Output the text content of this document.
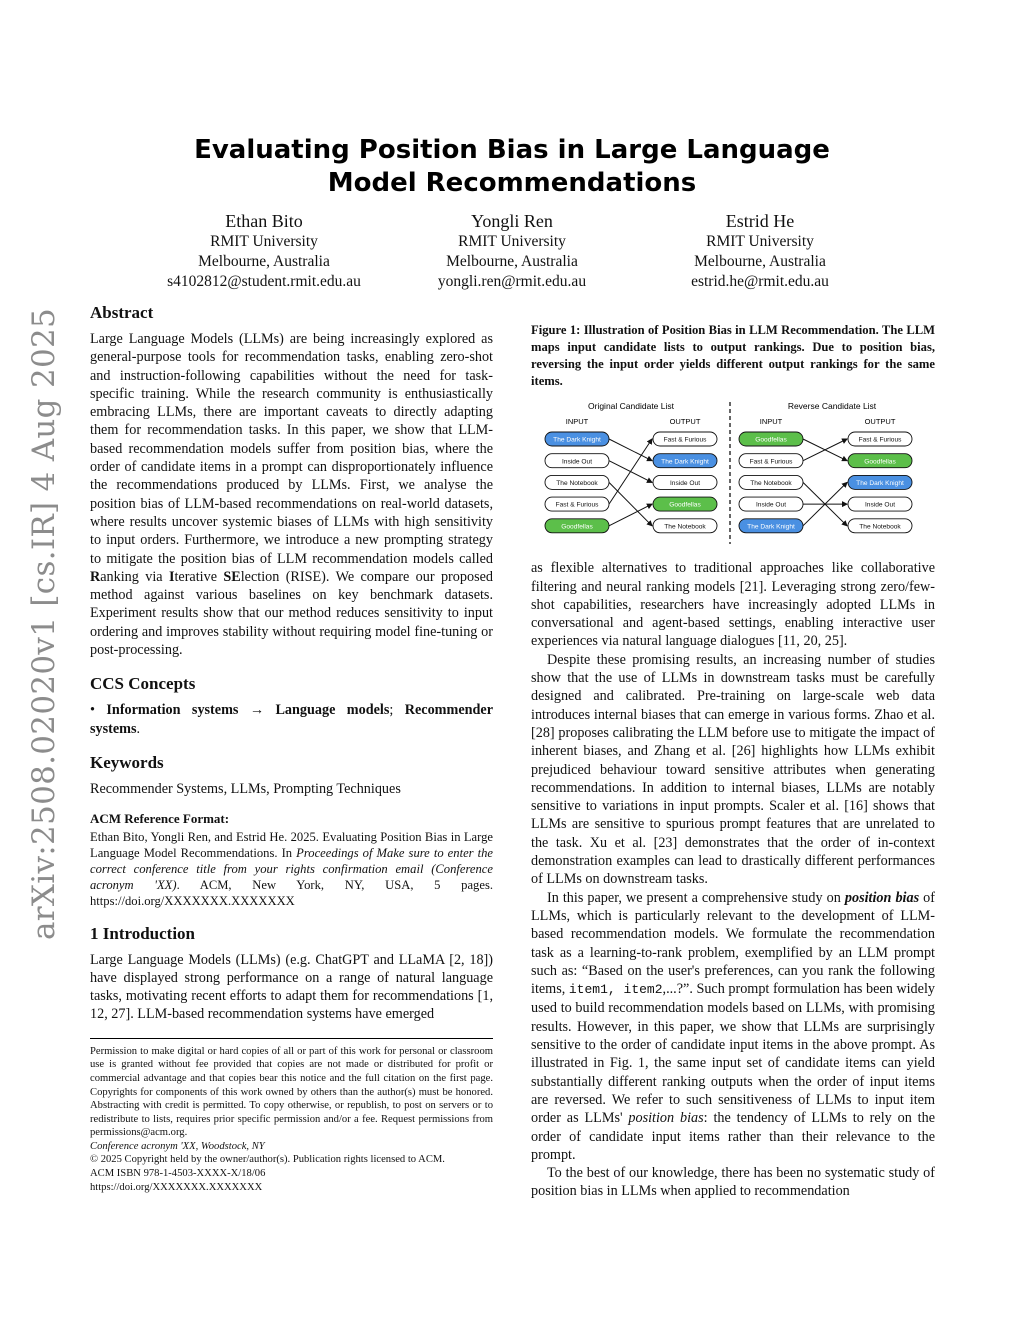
arXiv:2508.02020v1 [cs.IR] 4 Aug 2025
Evaluating Position Bias in Large Language Model Recommendations
Ethan Bito
RMIT University
Melbourne, Australia
s4102812@student.rmit.edu.au
Yongli Ren
RMIT University
Melbourne, Australia
yongli.ren@rmit.edu.au
Estrid He
RMIT University
Melbourne, Australia
estrid.he@rmit.edu.au
Abstract

Large Language Models (LLMs) are being increasingly explored as general-purpose tools for recommendation tasks, enabling zero-shot and instruction-following capabilities without the need for task-specific training. While the research community is enthusiastically embracing LLMs, there are important caveats to directly adapting them for recommendation tasks. In this paper, we show that LLM-based recommendation models suffer from position bias, where the order of candidate items in a prompt can disproportionately influence the recommendations produced by LLMs. First, we analyse the position bias of LLM-based recommendations on real-world datasets, where results uncover systemic biases of LLMs with high sensitivity to input orders. Furthermore, we introduce a new prompting strategy to mitigate the position bias of LLM recommendation models called Ranking via Iterative SElection (RISE). We compare our proposed method against various baselines on key benchmark datasets. Experiment results show that our method reduces sensitivity to input ordering and improves stability without requiring model fine-tuning or post-processing.

CCS Concepts

• Information systems → Language models; Recommender systems.

Keywords

Recommender Systems, LLMs, Prompting Techniques

ACM Reference Format:

Ethan Bito, Yongli Ren, and Estrid He. 2025. Evaluating Position Bias in Large Language Model Recommendations. In Proceedings of Make sure to enter the correct conference title from your rights confirmation email (Conference acronym 'XX). ACM, New York, NY, USA, 5 pages. https://doi.org/XXXXXXX.XXXXXXX

1 Introduction

Large Language Models (LLMs) (e.g. ChatGPT and LLaMA [2, 18]) have displayed strong performance on a range of natural language tasks, motivating recent efforts to adapt them for recommendations [1, 12, 27]. LLM-based recommendation systems have emerged

Permission to make digital or hard copies of all or part of this work for personal or classroom use is granted without fee provided that copies are not made or distributed for profit or commercial advantage and that copies bear this notice and the full citation on the first page. Copyrights for components of this work owned by others than the author(s) must be honored. Abstracting with credit is permitted. To copy otherwise, or republish, to post on servers or to redistribute to lists, requires prior specific permission and/or a fee. Request permissions from permissions@acm.org.
Conference acronym 'XX, Woodstock, NY
© 2025 Copyright held by the owner/author(s). Publication rights licensed to ACM.
ACM ISBN 978-1-4503-XXXX-X/18/06
https://doi.org/XXXXXXX.XXXXXXX

Figure 1: Illustration of Position Bias in LLM Recommendation. The LLM maps input candidate lists to output rankings. Due to position bias, reversing the input order yields different output rankings for the same items.

Original Candidate List	Reverse Candidate List
INPUT	OUTPUT	INPUT	OUTPUT
The Dark Knight
Inside Out
The Notebook
Fast & Furious
Goodfellas
Fast & Furious
The Dark Knight
Inside Out
Goodfellas
The Notebook
Goodfellas
Fast & Furious
The Notebook
Inside Out
The Dark Knight
Fast & Furious
Goodfellas
The Dark Knight
Inside Out
The Notebook

as flexible alternatives to traditional approaches like collaborative filtering and neural ranking models [21]. Leveraging strong zero/few-shot capabilities, researchers have increasingly adopted LLMs in conversational and agent-based settings, enabling interactive user experiences via natural language dialogues [11, 20, 25].

Despite these promising results, an increasing number of studies show that the use of LLMs in downstream tasks must be carefully designed and calibrated. Pre-training on large-scale web data introduces internal biases that can emerge in various forms. Zhao et al. [28] proposes calibrating the LLM before use to mitigate the impact of inherent biases, and Zhang et al. [26] highlights how LLMs exhibit prejudiced behaviour toward sensitive attributes when generating recommendations. In addition to internal biases, LLMs are notably sensitive to variations in input prompts. Scaler et al. [16] shows that LLMs are sensitive to spurious prompt features that are unrelated to the task. Xu et al. [23] demonstrates that the order of in-context demonstration examples can lead to drastically different performances of LLMs on downstream tasks.

In this paper, we present a comprehensive study on position bias of LLMs, which is particularly relevant to the development of LLM-based recommendation models. We formulate the recommendation task as a learning-to-rank problem, exemplified by an LLM prompt such as: “Based on the user's preferences, can you rank the following items, item1, item2,...?”. Such prompt formulation has been widely used to build recommendation models based on LLMs, with promising results. However, in this paper, we show that LLMs are surprisingly sensitive to the order of candidate input items in the above prompt. As illustrated in Fig. 1, the same input set of candidate items can yield substantially different ranking outputs when the order of input items are reversed. We refer to such sensitiveness of LLMs to input item order as LLMs' position bias: the tendency of LLMs to rely on the order of candidate input items rather than their relevance to the prompt.

To the best of our knowledge, there has been no systematic study of position bias in LLMs when applied to recommendation
